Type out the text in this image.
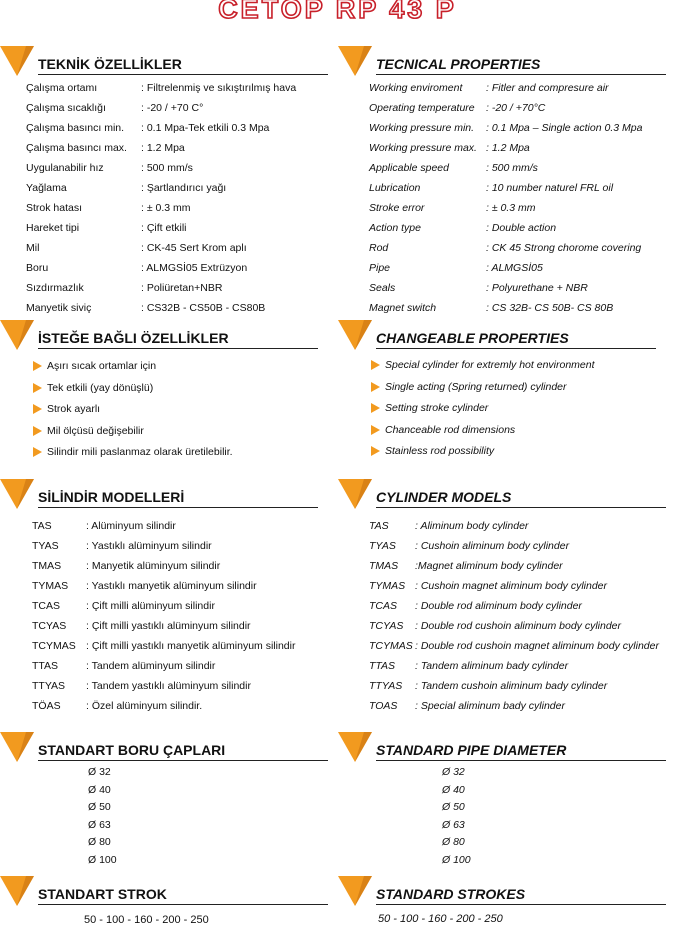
CETOP RP 43 P
TEKNİK ÖZELLİKLER
Çalışma ortamı	: Filtrelenmiş ve sıkıştırılmış hava
Çalışma sıcaklığı	: -20 / +70 C°
Çalışma basıncı min. : 0.1 Mpa-Tek etkili 0.3 Mpa
Çalışma basıncı max. : 1.2 Mpa
Uygulanabilir hız	: 500 mm/s
Yağlama	: Şartlandırıcı yağı
Strok hatası	: ± 0.3 mm
Hareket tipi	: Çift etkili
Mil	: CK-45 Sert Krom aplı
Boru	: ALMGSİ05 Extrüzyon
Sızdırmazlık	: Poliüretan+NBR
Manyetik siviç	: CS32B - CS50B - CS80B
İSTEĞE BAĞLI ÖZELLİKLER
Aşırı sıcak ortamlar için
Tek etkili (yay dönüşlü)
Strok ayarlı
Mil ölçüsü değişebilir
Silindir mili paslanmaz olarak üretilebilir.
SİLİNDİR MODELLERİ
TAS	: Alüminyum silindir
TYAS	: Yastıklı alüminyum silindir
TMAS : Manyetik alüminyum silindir
TYMAS : Yastıklı manyetik alüminyum silindir
TCAS : Çift milli alüminyum silindir
TCYAS : Çift milli yastıklı alüminyum silindir
TCYMAS : Çift milli yastıklı manyetik alüminyum silindir
TTAS	: Tandem alüminyum silindir
TTYAS : Tandem yastıklı alüminyum silindir
TÖAS : Özel alüminyum silindir.
STANDART BORU ÇAPLARI
Ø 32
Ø 40
Ø 50
Ø 63
Ø 80
Ø 100
STANDART STROK
50 - 100 - 160 - 200 - 250
TECNICAL PROPERTIES
Working enviroment : Fitler and compresure air
Operating temperature : -20 / +70°C
Working pressure min. : 0.1 Mpa – Single action 0.3 Mpa
Working pressure max. : 1.2 Mpa
Applicable speed	: 500 mm/s
Lubrication	: 10 number naturel FRL oil
Stroke error	: ± 0.3 mm
Action type	: Double action
Rod	: CK 45 Strong chorome covering
Pipe	: ALMGSİ05
Seals	: Polyurethane + NBR
Magnet switch	: CS 32B- CS 50B- CS 80B
CHANGEABLE PROPERTIES
Special cylinder for extremly hot environment
Single acting (Spring returned) cylinder
Setting stroke cylinder
Chanceable rod dimensions
Stainless rod possibility
CYLINDER MODELS
TAS	: Aliminum body cylinder
TYAS : Cushoin aliminum body cylinder
TMAS :Magnet aliminum body cylinder
TYMAS : Cushoin magnet aliminum body cylinder
TCAS : Double rod aliminum body cylinder
TCYAS : Double rod cushoin aliminum body cylinder
TCYMAS : Double rod cushoin magnet aliminum body cylinder
TTAS : Tandem aliminum bady cylinder
TTYAS : Tandem cushoin aliminum bady cylinder
TOAS : Special aliminum bady cylinder
STANDARD PIPE DIAMETER
Ø 32
Ø 40
Ø 50
Ø 63
Ø 80
Ø 100
STANDARD STROKES
50 - 100 - 160 - 200 - 250
